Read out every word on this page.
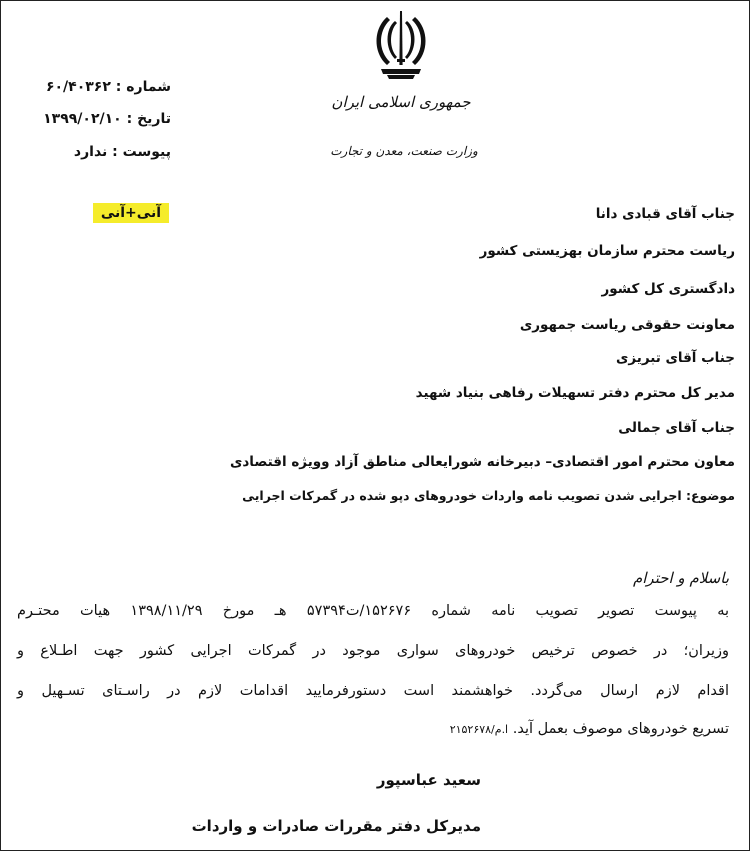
جمهوری اسلامی ایران
وزارت صنعت، معدن و تجارت
شماره : ۶۰/۴۰۳۶۲
تاریخ : ۱۳۹۹/۰۲/۱۰
پیوست : ندارد
آنی+آنی	جناب آقای قبادی دانا
ریاست محترم سازمان بهزیستی کشور
دادگستری کل کشور
معاونت حقوقی ریاست جمهوری
جناب آقای تبریزی
مدیر کل محترم دفتر تسهیلات رفاهی بنیاد شهید
جناب آقای جمالی
معاون محترم امور اقتصادی– دبیرخانه شورایعالی مناطق آزاد وویژه اقتصادی
موضوع: اجرایی شدن تصویب نامه واردات خودروهای دپو شده در گمرکات اجرایی
باسلام و احترام
به پیوست تصویر تصویب نامه شماره ۱۵۲۶۷۶/ت۵۷۳۹۴ هـ مورخ ۱۳۹۸/۱۱/۲۹ هیات محتـرم
وزیران؛ در خصوص ترخیص خودروهای سواری موجود در گمرکات اجرایی کشور جهت اطـلاع و
اقدام لازم ارسال می‌گردد. خواهشمند است دستورفرمایید اقدامات لازم در راسـتای تسـهیل و
تسریع خودروهای موصوف بعمل آید. ا.م/۲۱۵۲۶۷۸
سعید عباسپور
مدیرکل دفتر مقررات صادرات و واردات
